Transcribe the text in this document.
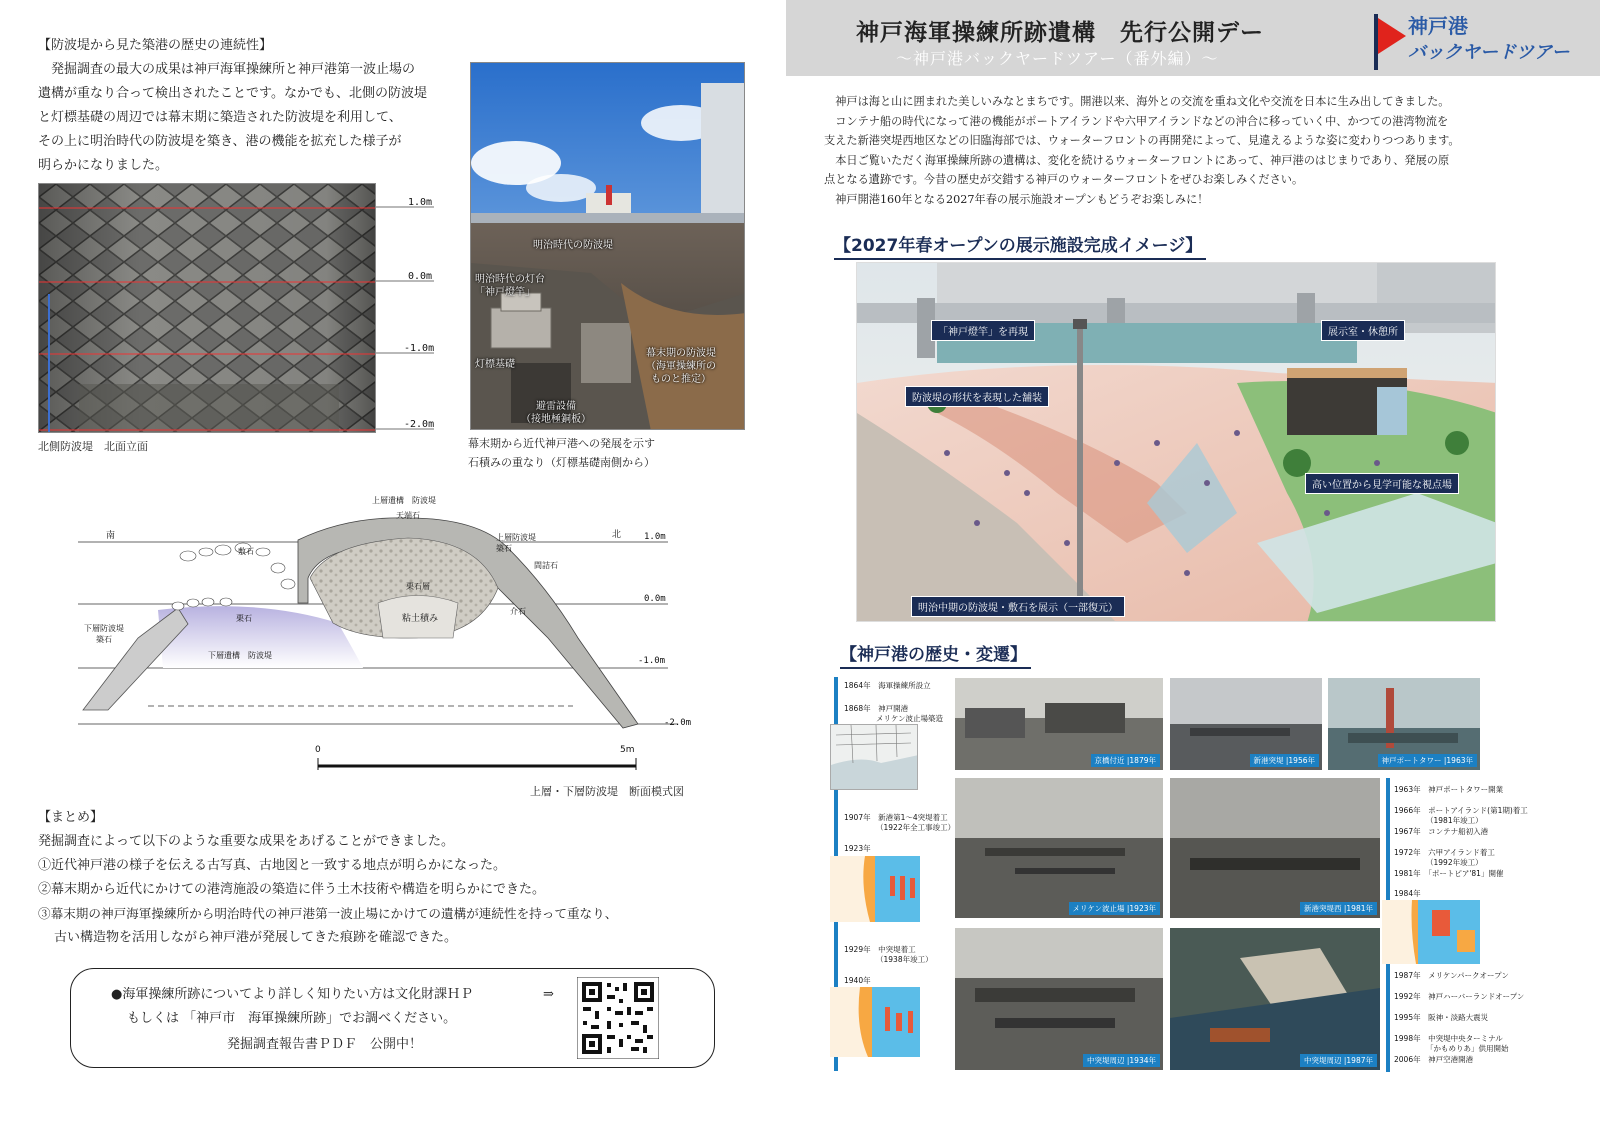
【防波堤から見た築港の歴史の連続性】
発掘調査の最大の成果は神戸海軍操練所と神戸港第一波止場の
遺構が重なり合って検出されたことです。なかでも、北側の防波堤
と灯標基礎の周辺では幕末期に築造された防波堤を利用して、
その上に明治時代の防波堤を築き、港の機能を拡充した様子が
明らかになりました。
1.0m
0.0m
-1.0m
-2.0m
北側防波堤　北面立面
明治時代の防波堤
明治時代の灯台
「神戸燈竿」
灯標基礎
幕末期の防波堤
（海軍操練所の
ものと推定）
避雷設備
（接地極銅板）
幕末期から近代神戸港への発展を示す
石積みの重なり（灯標基礎南側から）
南	北	1.0m
0.0m
-1.0m
-2.0m
上層遺構　防波堤
天端石
敷石
上層防波堤
築石
間詰石
栗石層
栗石	粘土積み
介石
下層防波堤
築石
下層遺構　防波堤
0	5m
上層・下層防波堤　断面模式図
【まとめ】
発掘調査によって以下のような重要な成果をあげることができました。
①近代神戸港の様子を伝える古写真、古地図と一致する地点が明らかになった。
②幕末期から近代にかけての港湾施設の築造に伴う土木技術や構造を明らかにできた。
③幕末期の神戸海軍操練所から明治時代の神戸港第一波止場にかけての遺構が連続性を持って重なり、
古い構造物を活用しながら神戸港が発展してきた痕跡を確認できた。
●海軍操練所跡についてより詳しく知りたい方は文化財課ＨＰ	⇒
もしくは 「神戸市　海軍操練所跡」でお調べください。
発掘調査報告書ＰＤＦ　公開中！
神戸海軍操練所跡遺構　先行公開デー
～神戸港バックヤードツアー（番外編）～
神戸港
バックヤードツアー
神戸は海と山に囲まれた美しいみなとまちです。開港以来、海外との交流を重ね文化や交流を日本に生み出してきました。
コンテナ船の時代になって港の機能がポートアイランドや六甲アイランドなどの沖合に移っていく中、かつての港湾物流を
支えた新港突堤西地区などの旧臨海部では、ウォーターフロントの再開発によって、見違えるような姿に変わりつつあります。
本日ご覧いただく海軍操練所跡の遺構は、変化を続けるウォーターフロントにあって、神戸港のはじまりであり、発展の原
点となる遺跡です。今昔の歴史が交錯する神戸のウォーターフロントをぜひお楽しみください。
神戸開港160年となる2027年春の展示施設オープンもどうぞお楽しみに！
【2027年春オープンの展示施設完成イメージ】
「神戸燈竿」を再現	展示室・休憩所
防波堤の形状を表現した舗装
高い位置から見学可能な視点場
明治中期の防波堤・敷石を展示（一部復元）
【神戸港の歴史・変遷】
1864年　海軍操練所設立
1868年　神戸開港
メリケン波止場築造
1907年　新港第1～4突堤着工
（1922年全工事竣工）
1923年
1929年　中突堤着工
（1938年竣工）
1940年
京橋付近 |1879年	新港突堤 |1956年	神戸ポートタワー |1963年
メリケン波止場 |1923年	新港突堤西 |1981年
1963年　神戸ポートタワー開業
1966年　ポートアイランド(第1期)着工
（1981年竣工）
1967年　コンテナ船初入港
1972年　六甲アイランド着工
（1992年竣工）
1981年　「ポートピア'81」開催
1984年
1987年　メリケンパークオープン
1992年　神戸ハーバーランドオープン
1995年　阪神・淡路大震災
1998年　中突堤中央ターミナル
「かもめりあ」供用開始
2006年　神戸空港開港
中突堤周辺 |1934年	中突堤周辺 |1987年
